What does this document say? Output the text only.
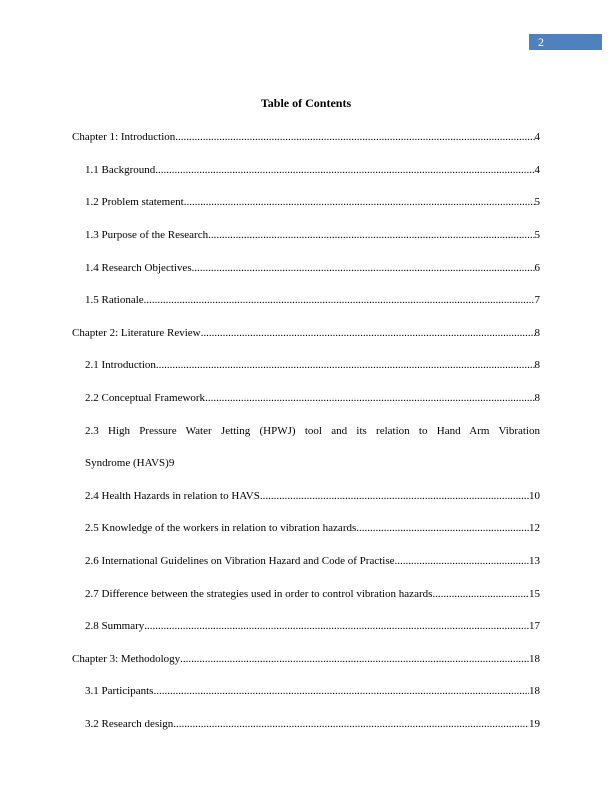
2
Table of Contents
Chapter 1: Introduction .....	4
1.1 Background .....	4
1.2 Problem statement .....	5
1.3 Purpose of the Research .....	5
1.4 Research Objectives .....	6
1.5 Rationale .....	7
Chapter 2: Literature Review .....	8
2.1 Introduction .....	8
2.2 Conceptual Framework .....	8
2.3 High Pressure Water Jetting (HPWJ) tool and its relation to Hand Arm Vibration
Syndrome (HAVS) 9
2.4 Health Hazards in relation to HAVS .....	10
2.5 Knowledge of the workers in relation to vibration hazards .....	12
2.6 International Guidelines on Vibration Hazard and Code of Practise .....	13
2.7 Difference between the strategies used in order to control vibration hazards .....	15
2.8 Summary .....	17
Chapter 3: Methodology .....	18
3.1 Participants .....	18
3.2 Research design .....	19
